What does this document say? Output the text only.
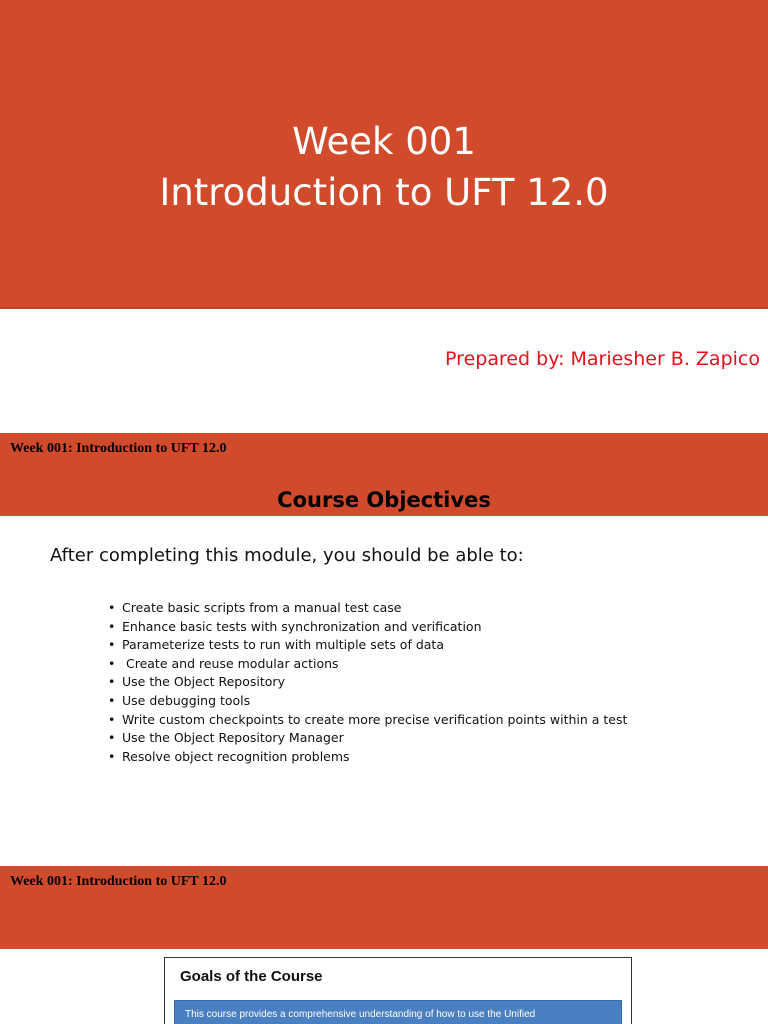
Week 001
Introduction to UFT 12.0

Prepared by: Mariesher B. Zapico

Week 001: Introduction to UFT 12.0

Course Objectives

After completing this module, you should be able to:

• Create basic scripts from a manual test case
• Enhance basic tests with synchronization and verification
• Parameterize tests to run with multiple sets of data
• Create and reuse modular actions
• Use the Object Repository
• Use debugging tools
• Write custom checkpoints to create more precise verification points within a test
• Use the Object Repository Manager
• Resolve object recognition problems

Week 001: Introduction to UFT 12.0

Goals of the Course

This course provides a comprehensive understanding of how to use the Unified
